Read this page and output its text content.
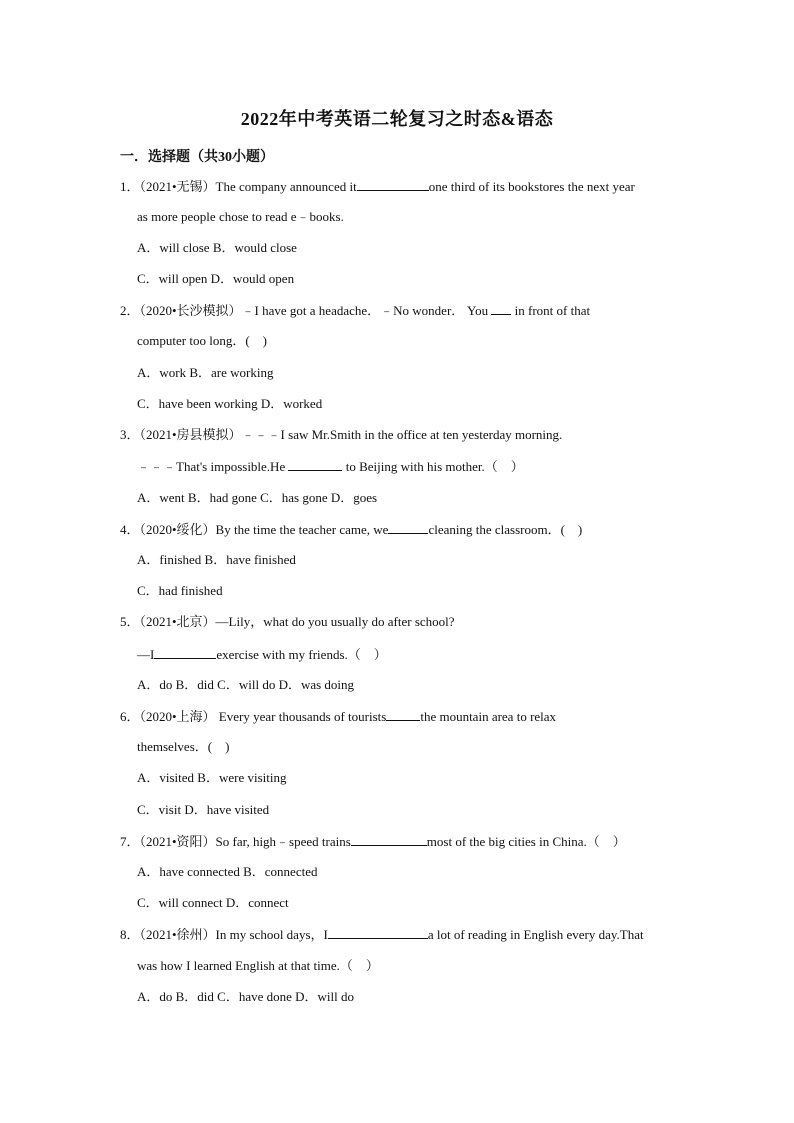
2022年中考英语二轮复习之时态&语态
一．选择题（共30小题）
1．（2021•无锡）The company announced it	one third of its bookstores the next year
as more people chose to read e﹣books.
A．will close B．would close
C．will open D．would open
2．（2020•长沙模拟）﹣I have got a headache．﹣No wonder． You in front of that
computer too long．(　)
A．work B．are working
C．have been working D．worked
3．（2021•房县模拟）﹣﹣﹣I saw Mr.Smith in the office at ten yesterday morning.
﹣﹣﹣That's impossible.He	to Beijing with his mother.（　）
A．went B．had gone C．has gone D．goes
4．（2020•绥化）By the time the teacher came, we	cleaning the classroom．(　)
A．finished B．have finished
C．had finished
5．（2021•北京）—Lily，what do you usually do after school?
—I	exercise with my friends.（　）
A．do B．did C．will do D．was doing
6．（2020•上海） Every year thousands of tourists	the mountain area to relax
themselves．(　)
A．visited B．were visiting
C．visit D．have visited
7．（2021•资阳）So far, high﹣speed trains	most of the big cities in China.（　）
A．have connected B．connected
C．will connect D．connect
8．（2021•徐州）In my school days，I	a lot of reading in English every day.That
was how I learned English at that time.（　）
A．do B．did C．have done D．will do
